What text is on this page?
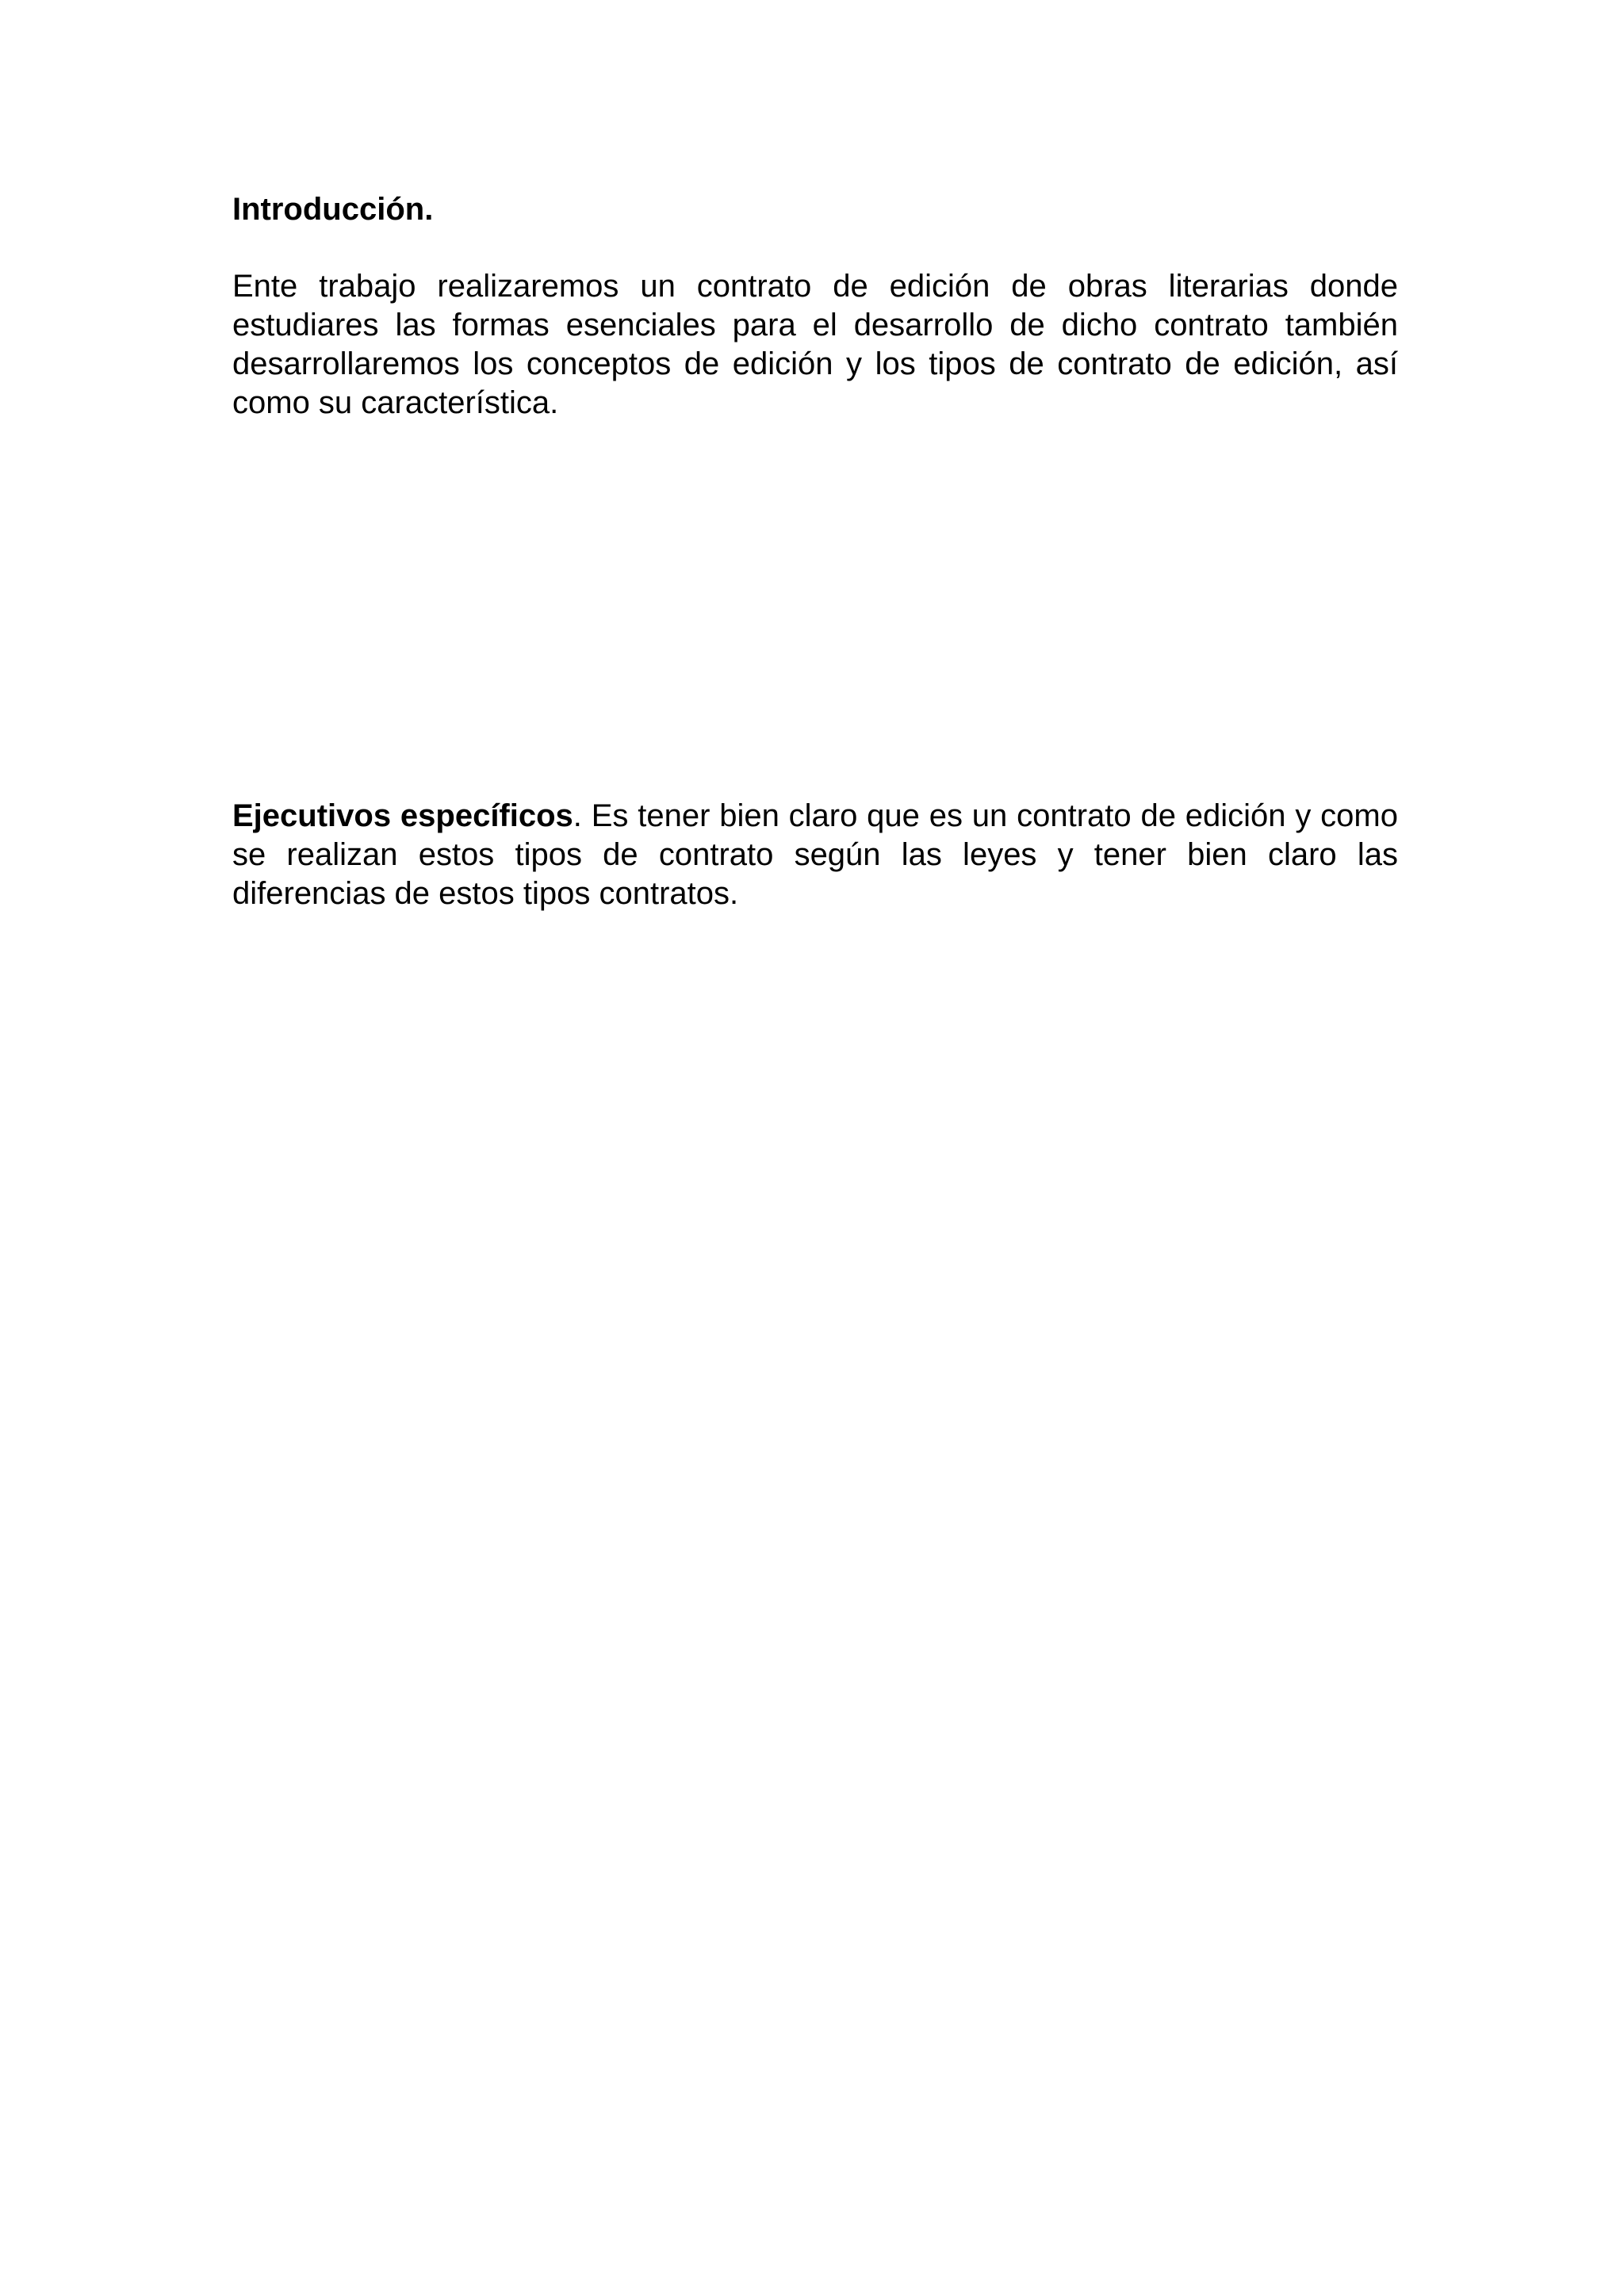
Introducción.

Ente trabajo realizaremos un contrato de edición de obras literarias donde estudiares las formas esenciales para el desarrollo de dicho contrato también desarrollaremos los conceptos de edición y los tipos de contrato de edición, así como su característica.

Ejecutivos específicos. Es tener bien claro que es un contrato de edición y como se realizan estos tipos de contrato según las leyes y tener bien claro las diferencias de estos tipos contratos.
